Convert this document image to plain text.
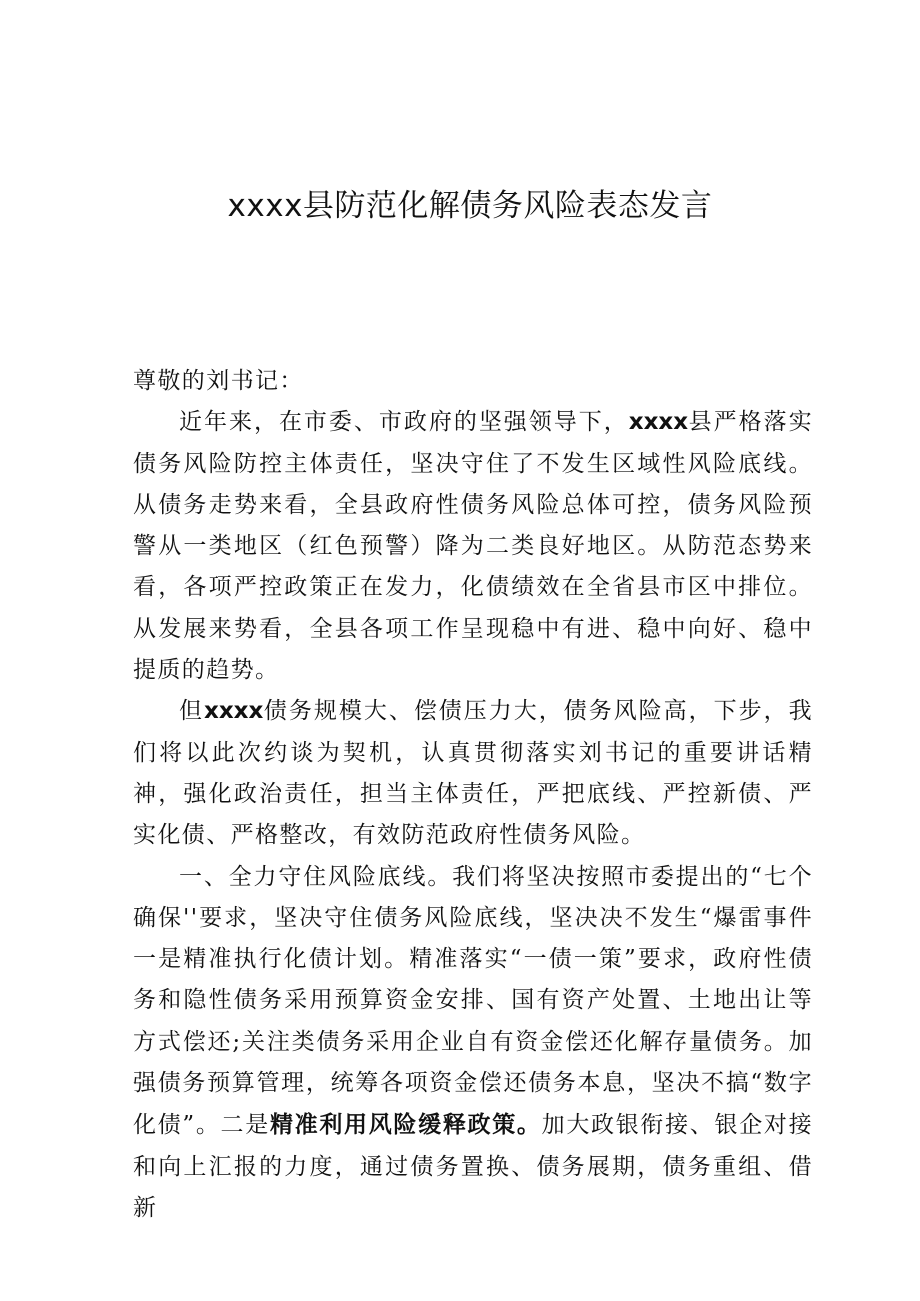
xxxx县防范化解债务风险表态发言

尊敬的刘书记：

近年来，在市委、市政府的坚强领导下，xxxx县严格落实债务风险防控主体责任，坚决守住了不发生区域性风险底线。从债务走势来看，全县政府性债务风险总体可控，债务风险预警从一类地区（红色预警）降为二类良好地区。从防范态势来看，各项严控政策正在发力，化债绩效在全省县市区中排位。从发展来势看，全县各项工作呈现稳中有进、稳中向好、稳中提质的趋势。

但xxxx债务规模大、偿债压力大，债务风险高，下步，我们将以此次约谈为契机，认真贯彻落实刘书记的重要讲话精神，强化政治责任，担当主体责任，严把底线、严控新债、严实化债、严格整改，有效防范政府性债务风险。

一、全力守住风险底线。我们将坚决按照市委提出的“七个确保''要求，坚决守住债务风险底线，坚决决不发生“爆雷事件一是精准执行化债计划。精准落实“一债一策”要求，政府性债务和隐性债务采用预算资金安排、国有资产处置、土地出让等方式偿还;关注类债务采用企业自有资金偿还化解存量债务。加强债务预算管理，统筹各项资金偿还债务本息，坚决不搞“数字化债”。二是精准利用风险缓释政策。加大政银衔接、银企对接和向上汇报的力度，通过债务置换、债务展期，债务重组、借新
